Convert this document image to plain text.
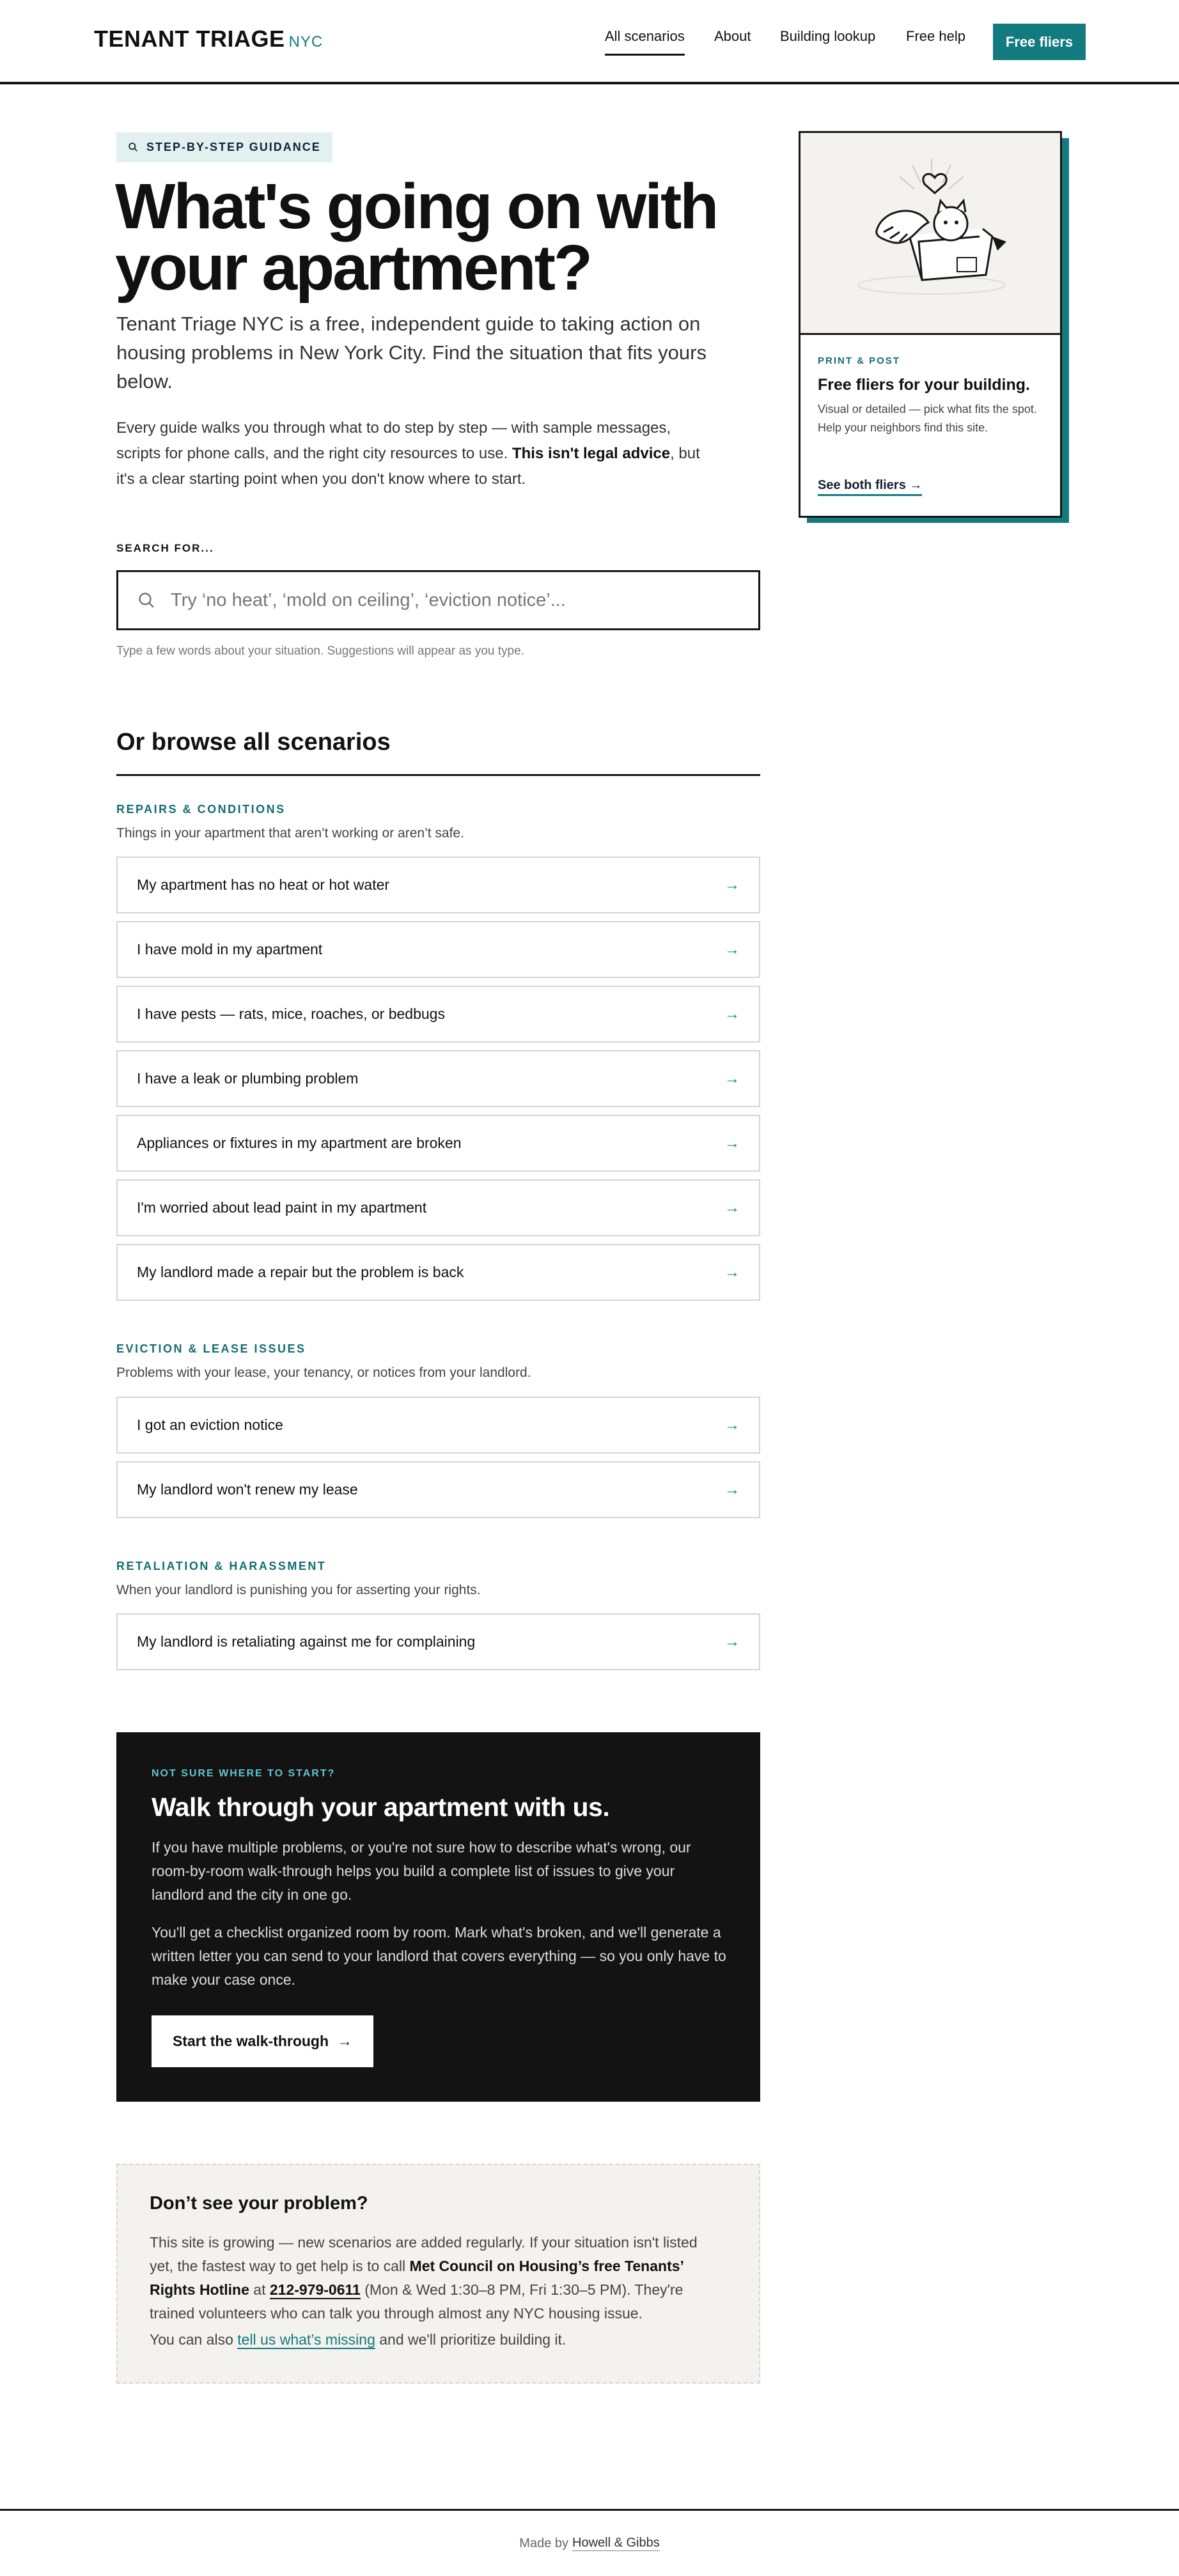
TENANT TRIAGE NYC	All scenarios About Building lookup Free help	Free fliers
STEP-BY-STEP GUIDANCE
What's going on with your apartment?

Tenant Triage NYC is a free, independent guide to taking action on housing problems in New York City. Find the situation that fits yours below.

Every guide walks you through what to do step by step — with sample messages, scripts for phone calls, and the right city resources to use. This isn't legal advice, but it's a clear starting point when you don't know where to start.

SEARCH FOR...
Try ‘no heat’, ‘mold on ceiling’, ‘eviction notice’...
Type a few words about your situation. Suggestions will appear as you type.
Or browse all scenarios
REPAIRS & CONDITIONS
Things in your apartment that aren’t working or aren’t safe.
My apartment has no heat or hot water	→
I have mold in my apartment	→
I have pests — rats, mice, roaches, or bedbugs	→
I have a leak or plumbing problem	→
Appliances or fixtures in my apartment are broken	→
I'm worried about lead paint in my apartment	→
My landlord made a repair but the problem is back	→
EVICTION & LEASE ISSUES
Problems with your lease, your tenancy, or notices from your landlord.
I got an eviction notice	→
My landlord won't renew my lease	→
RETALIATION & HARASSMENT
When your landlord is punishing you for asserting your rights.
My landlord is retaliating against me for complaining	→
NOT SURE WHERE TO START?
Walk through your apartment with us.

If you have multiple problems, or you're not sure how to describe what's wrong, our room-by-room walk-through helps you build a complete list of issues to give your landlord and the city in one go.

You'll get a checklist organized room by room. Mark what's broken, and we'll generate a written letter you can send to your landlord that covers everything — so you only have to make your case once.

Start the walk-through →
Don’t see your problem?

This site is growing — new scenarios are added regularly. If your situation isn't listed yet, the fastest way to get help is to call Met Council on Housing’s free Tenants’ Rights Hotline at 212-979-0611 (Mon & Wed 1:30–8 PM, Fri 1:30–5 PM). They're trained volunteers who can talk you through almost any NYC housing issue.

You can also tell us what’s missing and we'll prioritize building it.

PRINT & POST
Free fliers for your building.

Visual or detailed — pick what fits the spot. Help your neighbors find this site.

See both fliers →
Made by Howell & Gibbs
